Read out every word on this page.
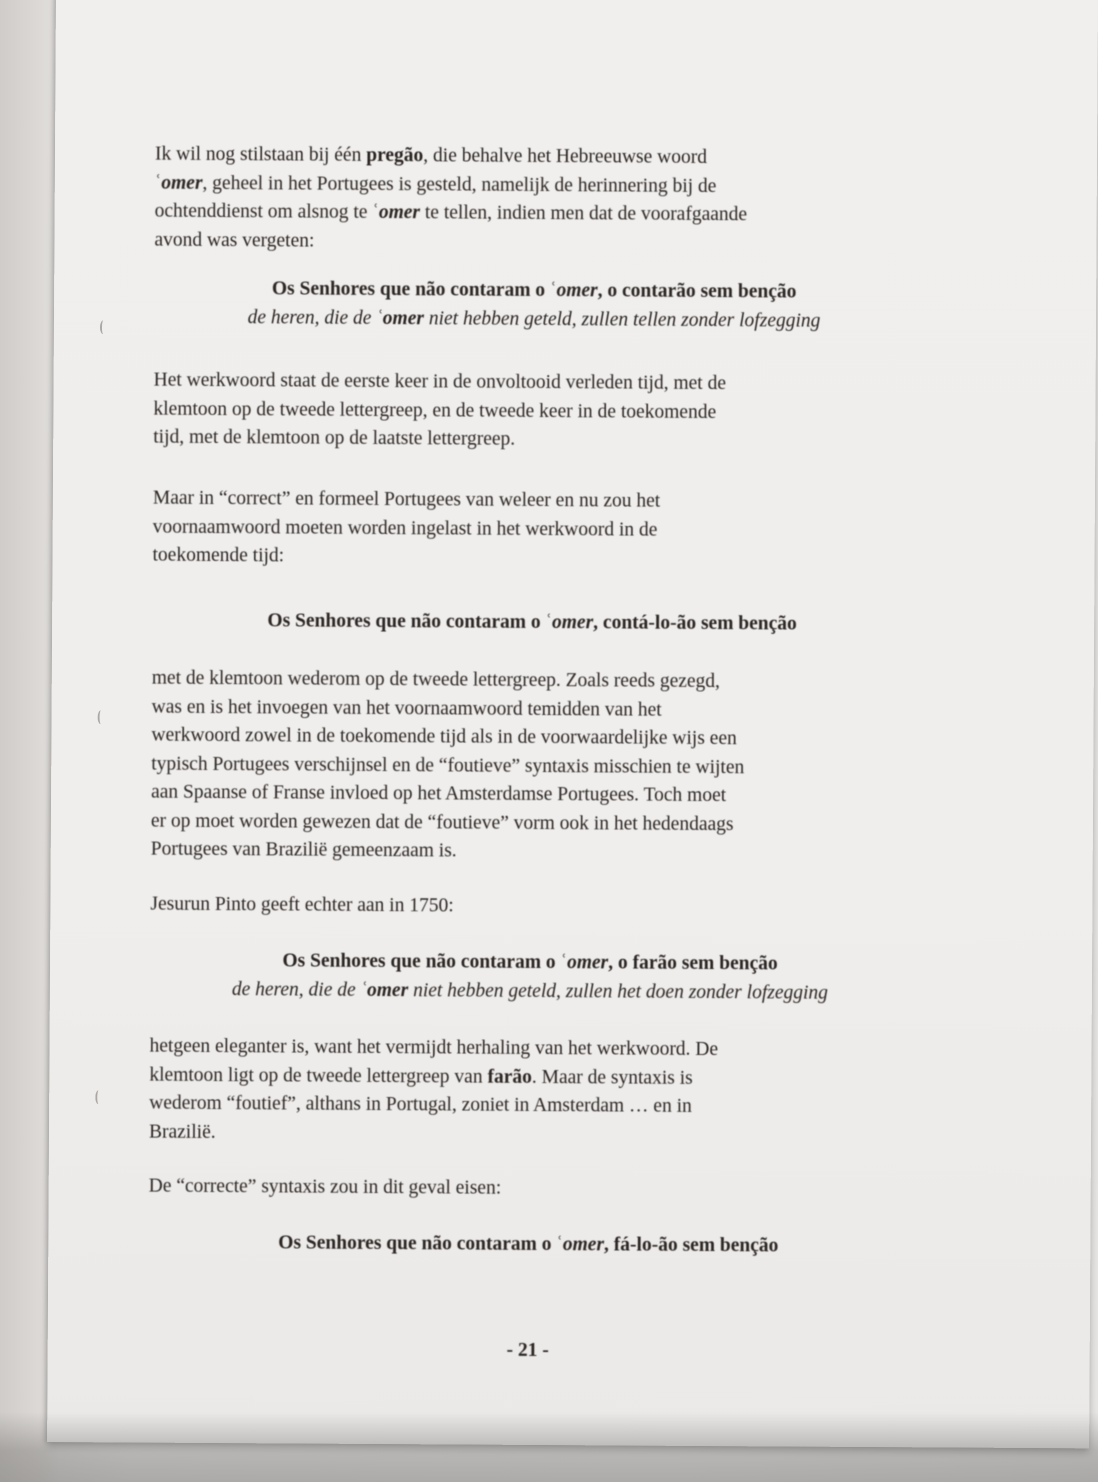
Ik wil nog stilstaan bij één pregão, die behalve het Hebreeuwse woord
ʿomer, geheel in het Portugees is gesteld, namelijk de herinnering bij de
ochtenddienst om alsnog te ʿomer te tellen, indien men dat de voorafgaande
avond was vergeten:
Os Senhores que não contaram o ʿomer, o contarão sem benção
de heren, die de ʿomer niet hebben geteld, zullen tellen zonder lofzegging
Het werkwoord staat de eerste keer in de onvoltooid verleden tijd, met de
klemtoon op de tweede lettergreep, en de tweede keer in de toekomende
tijd, met de klemtoon op de laatste lettergreep.
Maar in “correct” en formeel Portugees van weleer en nu zou het
voornaamwoord moeten worden ingelast in het werkwoord in de
toekomende tijd:
Os Senhores que não contaram o ʿomer, contá-lo-ão sem benção
met de klemtoon wederom op de tweede lettergreep. Zoals reeds gezegd,
was en is het invoegen van het voornaamwoord temidden van het
werkwoord zowel in de toekomende tijd als in de voorwaardelijke wijs een
typisch Portugees verschijnsel en de “foutieve” syntaxis misschien te wijten
aan Spaanse of Franse invloed op het Amsterdamse Portugees. Toch moet
er op moet worden gewezen dat de “foutieve” vorm ook in het hedendaags
Portugees van Brazilië gemeenzaam is.
Jesurun Pinto geeft echter aan in 1750:
Os Senhores que não contaram o ʿomer, o farão sem benção
de heren, die de ʿomer niet hebben geteld, zullen het doen zonder lofzegging
hetgeen eleganter is, want het vermijdt herhaling van het werkwoord. De
klemtoon ligt op de tweede lettergreep van farão. Maar de syntaxis is
wederom “foutief”, althans in Portugal, zoniet in Amsterdam … en in
Brazilië.
De “correcte” syntaxis zou in dit geval eisen:
Os Senhores que não contaram o ʿomer, fá-lo-ão sem benção
- 21 -
